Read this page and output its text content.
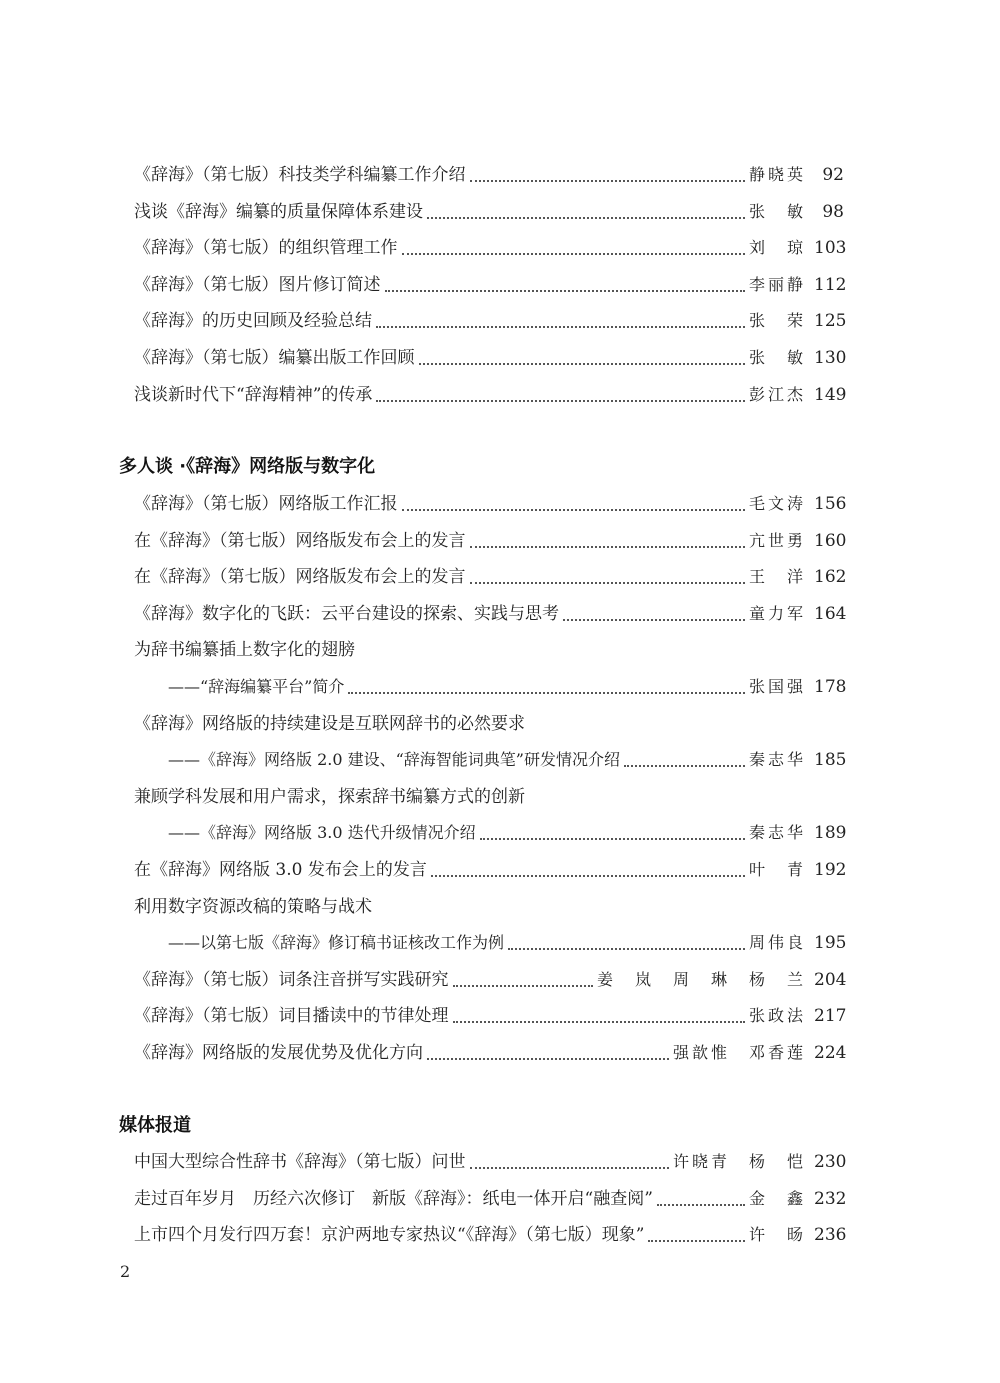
《辞海》（第七版）科技类学科编纂工作介绍	静晓英 92
浅谈《辞海》编纂的质量保障体系建设	张　敏 98
《辞海》（第七版）的组织管理工作	刘　琼 103
《辞海》（第七版）图片修订简述	李丽静 112
《辞海》的历史回顾及经验总结	张　荣 125
《辞海》（第七版）编纂出版工作回顾	张　敏 130
浅谈新时代下“辞海精神”的传承	彭江杰 149
多人谈 ·《辞海》网络版与数字化
《辞海》（第七版）网络版工作汇报	毛文涛 156
在《辞海》（第七版）网络版发布会上的发言	亢世勇 160
在《辞海》（第七版）网络版发布会上的发言	王　洋 162
《辞海》数字化的飞跃：云平台建设的探索、实践与思考	童力军 164
为辞书编纂插上数字化的翅膀
——“辞海编纂平台”简介	张国强 178
《辞海》网络版的持续建设是互联网辞书的必然要求
——《辞海》网络版 2.0 建设、“辞海智能词典笔”研发情况介绍	秦志华 185
兼顾学科发展和用户需求，探索辞书编纂方式的创新
——《辞海》网络版 3.0 迭代升级情况介绍	秦志华 189
在《辞海》网络版 3.0 发布会上的发言	叶　青 192
利用数字资源改稿的策略与战术
——以第七版《辞海》修订稿书证核改工作为例	周伟良 195
《辞海》（第七版）词条注音拼写实践研究	姜　岚　周　琳　杨　兰 204
《辞海》（第七版）词目播读中的节律处理	张政法 217
《辞海》网络版的发展优势及优化方向	强歆惟　邓香莲 224
媒体报道
中国大型综合性辞书《辞海》（第七版）问世	许晓青　杨　恺 230
走过百年岁月　历经六次修订　新版《辞海》：纸电一体开启“融查阅”	金　鑫 232
上市四个月发行四万套！京沪两地专家热议“《辞海》（第七版）现象”	许　旸 236
2
